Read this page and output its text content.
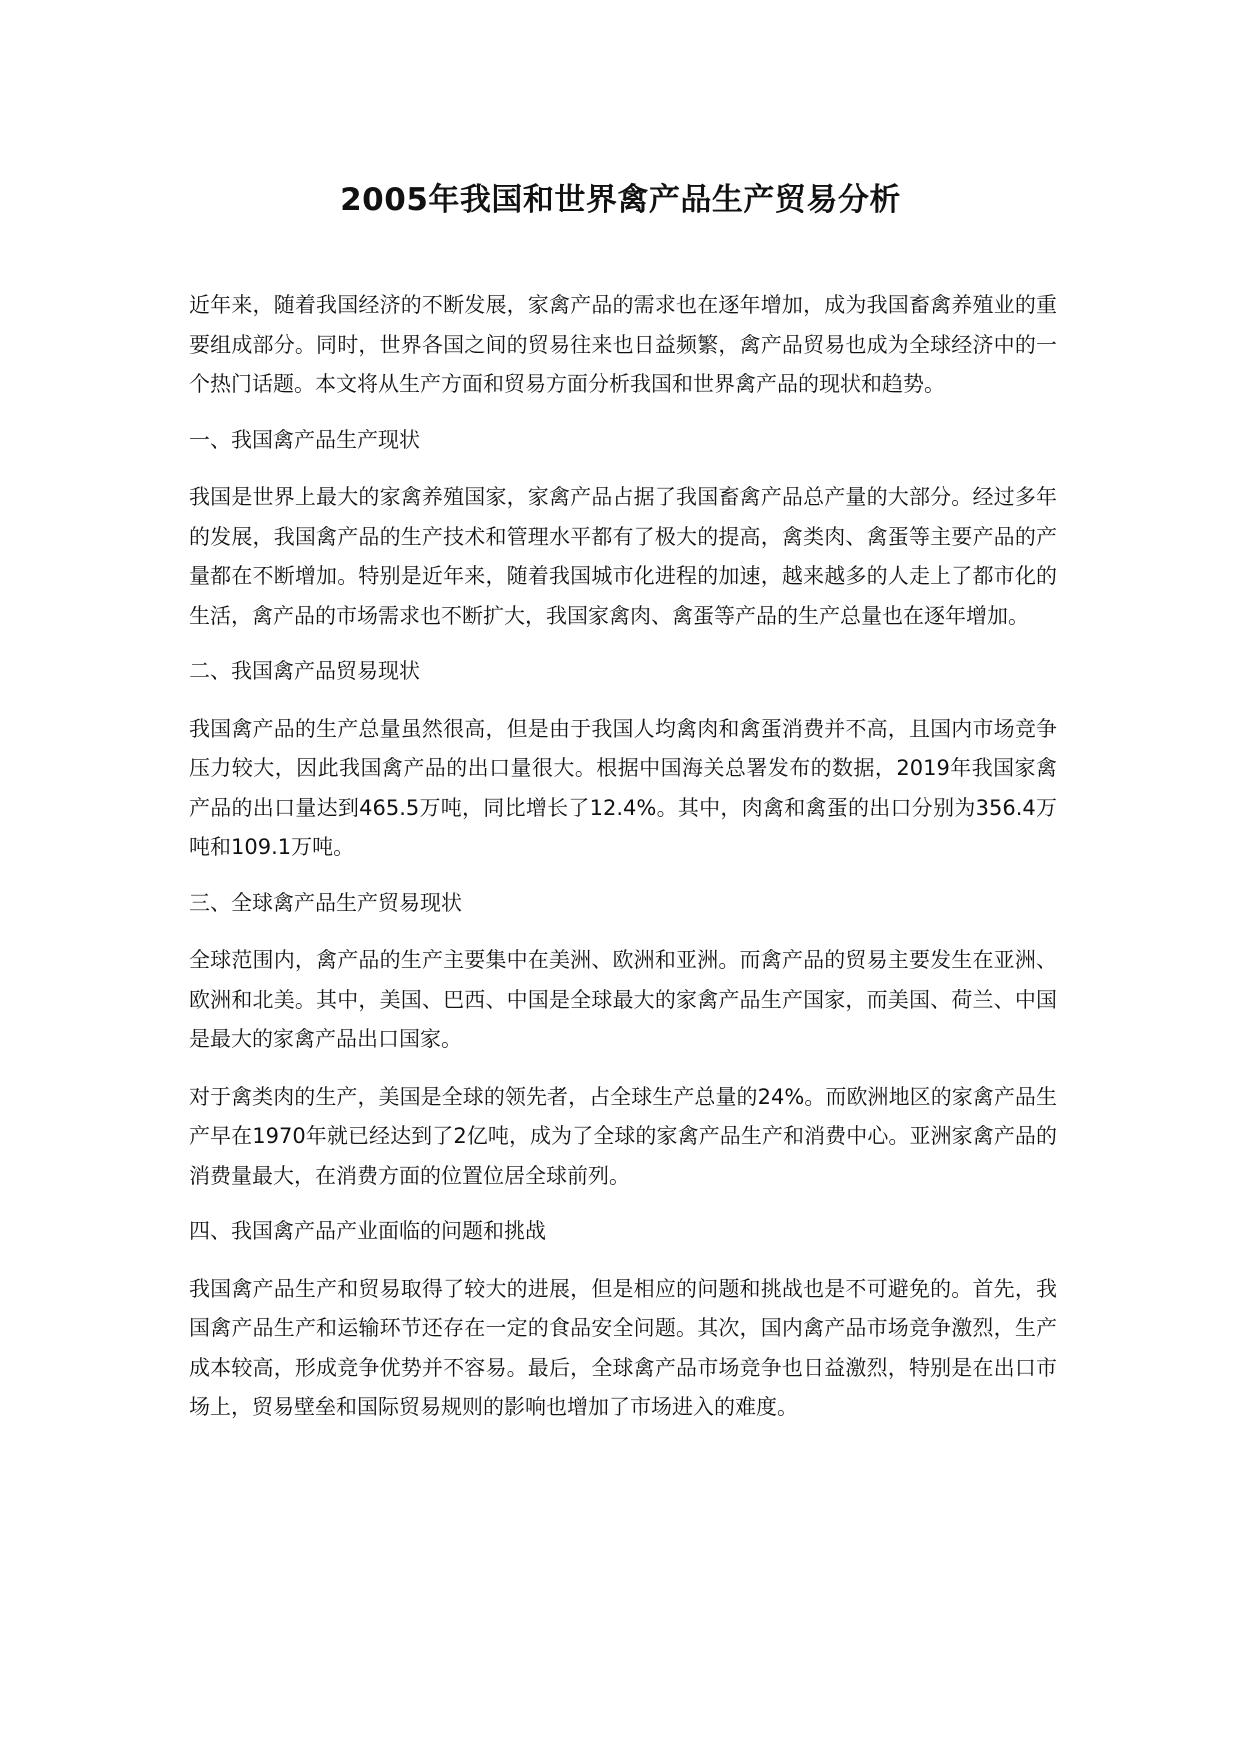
2005年我国和世界禽产品生产贸易分析

近年来，随着我国经济的不断发展，家禽产品的需求也在逐年增加，成为我国畜禽养殖业的重要组成部分。同时，世界各国之间的贸易往来也日益频繁，禽产品贸易也成为全球经济中的一个热门话题。本文将从生产方面和贸易方面分析我国和世界禽产品的现状和趋势。

一、我国禽产品生产现状

我国是世界上最大的家禽养殖国家，家禽产品占据了我国畜禽产品总产量的大部分。经过多年的发展，我国禽产品的生产技术和管理水平都有了极大的提高，禽类肉、禽蛋等主要产品的产量都在不断增加。特别是近年来，随着我国城市化进程的加速，越来越多的人走上了都市化的生活，禽产品的市场需求也不断扩大，我国家禽肉、禽蛋等产品的生产总量也在逐年增加。

二、我国禽产品贸易现状

我国禽产品的生产总量虽然很高，但是由于我国人均禽肉和禽蛋消费并不高，且国内市场竞争压力较大，因此我国禽产品的出口量很大。根据中国海关总署发布的数据，2019年我国家禽产品的出口量达到465.5万吨，同比增长了12.4%。其中，肉禽和禽蛋的出口分别为356.4万吨和109.1万吨。

三、全球禽产品生产贸易现状

全球范围内，禽产品的生产主要集中在美洲、欧洲和亚洲。而禽产品的贸易主要发生在亚洲、欧洲和北美。其中，美国、巴西、中国是全球最大的家禽产品生产国家，而美国、荷兰、中国是最大的家禽产品出口国家。

对于禽类肉的生产，美国是全球的领先者，占全球生产总量的24%。而欧洲地区的家禽产品生产早在1970年就已经达到了2亿吨，成为了全球的家禽产品生产和消费中心。亚洲家禽产品的消费量最大，在消费方面的位置位居全球前列。

四、我国禽产品产业面临的问题和挑战

我国禽产品生产和贸易取得了较大的进展，但是相应的问题和挑战也是不可避免的。首先，我国禽产品生产和运输环节还存在一定的食品安全问题。其次，国内禽产品市场竞争激烈，生产成本较高，形成竞争优势并不容易。最后，全球禽产品市场竞争也日益激烈，特别是在出口市场上，贸易壁垒和国际贸易规则的影响也增加了市场进入的难度。
